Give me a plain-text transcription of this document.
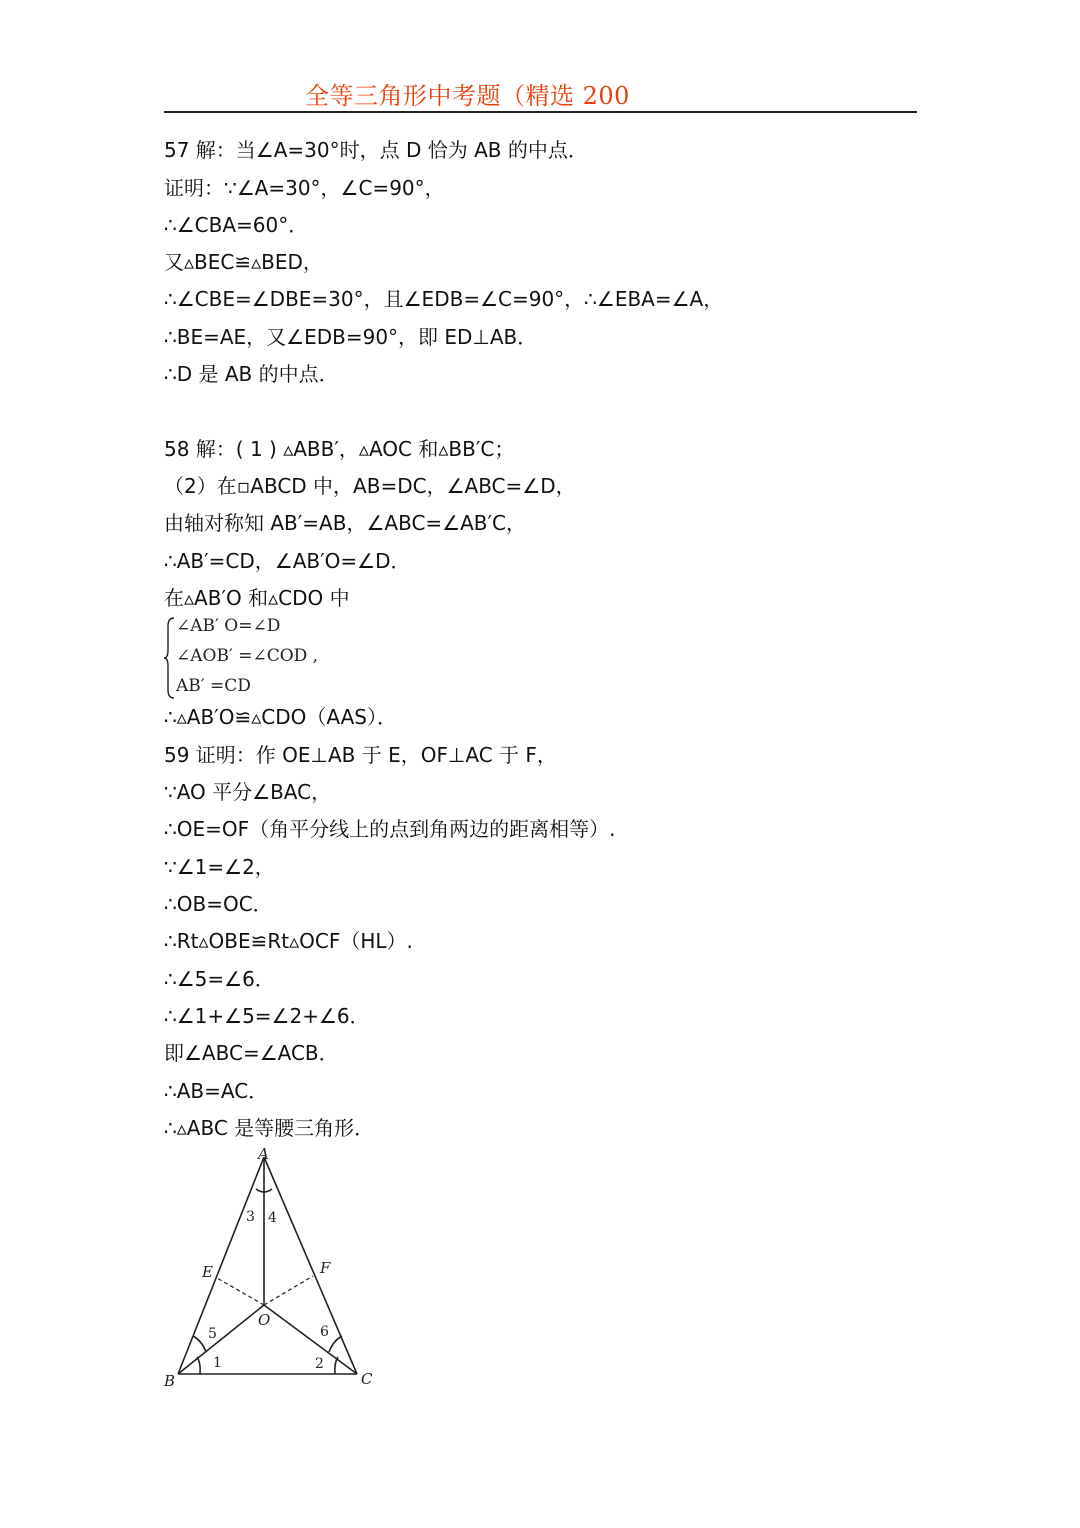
全等三角形中考题（精选 200
57 解：当∠A=30°时，点 D 恰为 AB 的中点．
证明：∵∠A=30°，∠C=90°，
∴∠CBA=60°．
又▵BEC≌▵BED，
∴∠CBE=∠DBE=30°，且∠EDB=∠C=90°，∴∠EBA=∠A，
∴BE=AE，又∠EDB=90°，即 ED⊥AB．
∴D 是 AB 的中点．
58 解：( 1 ) ▵ABB′，▵AOC 和▵BB′C；
（2）在▫ABCD 中，AB=DC，∠ABC=∠D，
由轴对称知 AB′=AB，∠ABC=∠AB′C，
∴AB′=CD，∠AB′O=∠D．
在▵AB′O 和▵CDO 中
∠AB′ O=∠D
∠AOB′ =∠COD ,
AB′ =CD
∴▵AB′O≌▵CDO（AAS）．
59 证明：作 OE⊥AB 于 E，OF⊥AC 于 F，
∵AO 平分∠BAC，
∴OE=OF（角平分线上的点到角两边的距离相等）.
∵∠1=∠2，
∴OB=OC．
∴Rt▵OBE≌Rt▵OCF（HL）.
∴∠5=∠6．
∴∠1+∠5=∠2+∠6．
即∠ABC=∠ACB．
∴AB=AC．
∴▵ABC 是等腰三角形．
A
B	C
E	F
O
3 4
5	6
1	2
